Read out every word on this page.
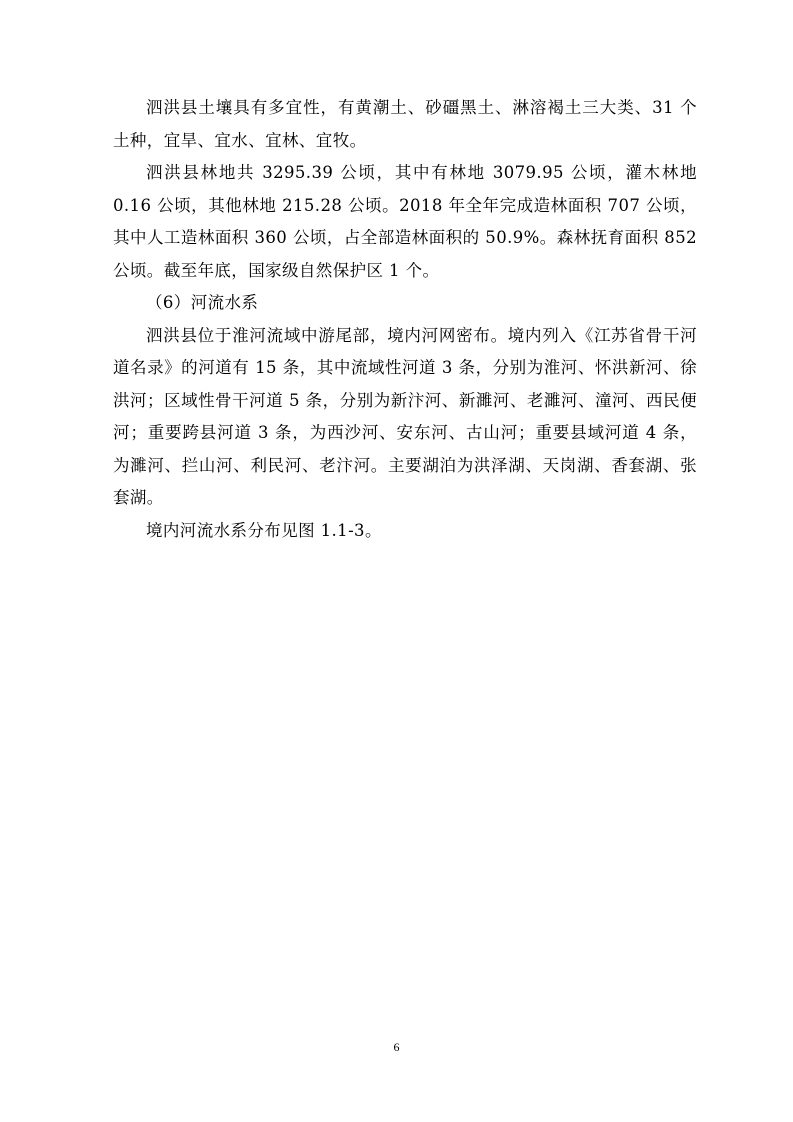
泗洪县土壤具有多宜性，有黄潮土、砂礓黑土、淋溶褐土三大类、31 个土种，宜旱、宜水、宜林、宜牧。

泗洪县林地共 3295.39 公顷，其中有林地 3079.95 公顷，灌木林地 0.16 公顷，其他林地 215.28 公顷。2018 年全年完成造林面积 707 公顷，其中人工造林面积 360 公顷，占全部造林面积的 50.9%。森林抚育面积 852 公顷。截至年底，国家级自然保护区 1 个。

（6）河流水系

泗洪县位于淮河流域中游尾部，境内河网密布。境内列入《江苏省骨干河道名录》的河道有 15 条，其中流域性河道 3 条，分别为淮河、怀洪新河、徐洪河；区域性骨干河道 5 条，分别为新汴河、新濉河、老濉河、潼河、西民便河；重要跨县河道 3 条，为西沙河、安东河、古山河；重要县域河道 4 条，为濉河、拦山河、利民河、老汴河。主要湖泊为洪泽湖、天岗湖、香套湖、张套湖。

境内河流水系分布见图 1.1-3。

6
